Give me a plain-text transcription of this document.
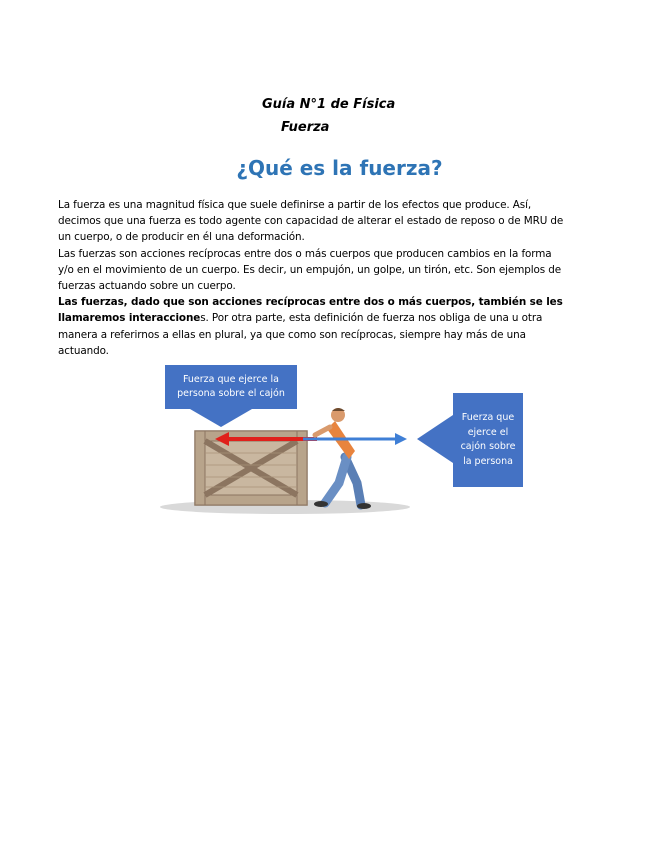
Guía N°1 de Física
Fuerza
¿Qué es la fuerza?

La fuerza es una magnitud física que suele definirse a partir de los efectos que produce. Así, decimos que una fuerza es todo agente con capacidad de alterar el estado de reposo o de MRU de un cuerpo, o de producir en él una deformación.

Las fuerzas son acciones recíprocas entre dos o más cuerpos que producen cambios en la forma y/o en el movimiento de un cuerpo. Es decir, un empujón, un golpe, un tirón, etc. Son ejemplos de fuerzas actuando sobre un cuerpo.

Las fuerzas, dado que son acciones recíprocas entre dos o más cuerpos, también se les llamaremos interacciones. Por otra parte, esta definición de fuerza nos obliga de una u otra manera a referirnos a ellas en plural, ya que como son recíprocas, siempre hay más de una actuando.

Fuerza que ejerce la persona sobre el cajón
Fuerza que ejerce el cajón sobre la persona
